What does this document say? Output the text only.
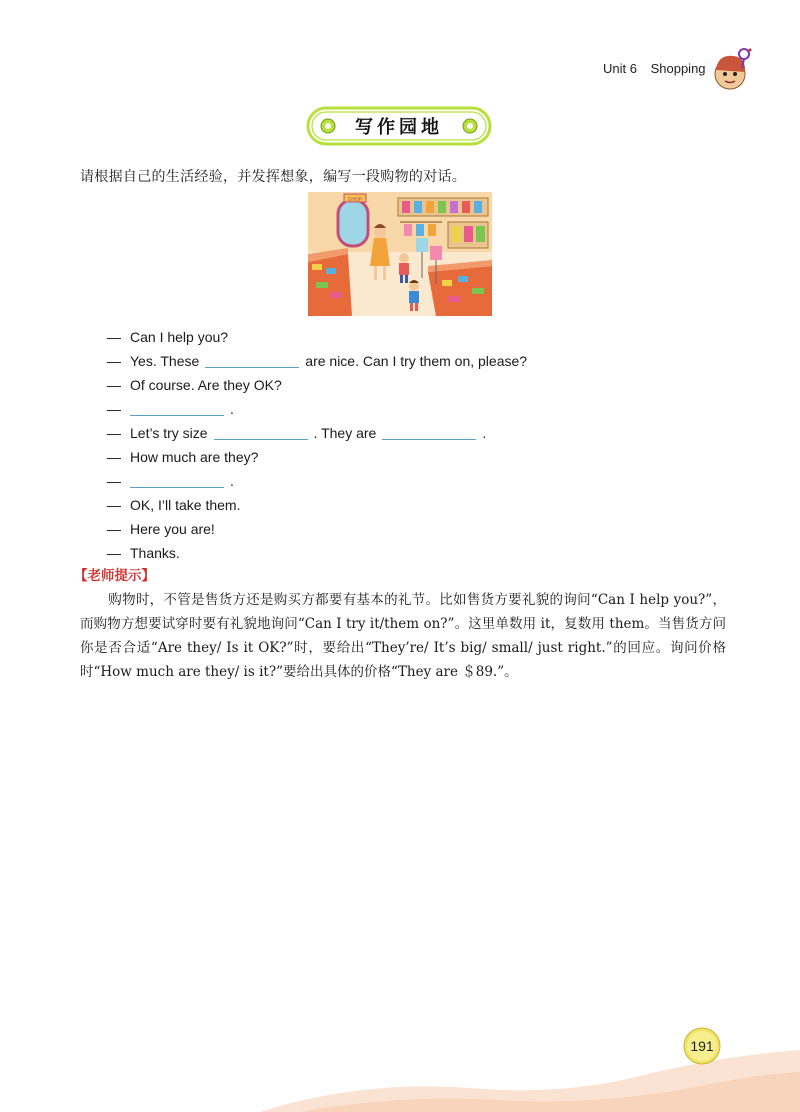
Unit 6 Shopping
写作园地
请根据自己的生活经验，并发挥想象，编写一段购物的对话。
SHOP
— Can I help you?
— Yes. These	are nice. Can I try them on, please?
— Of course. Are they OK?
—	.
— Let’s try size	. They are	.
— How much are they?
—	.
— OK, I’ll take them.
— Here you are!
— Thanks.
【老师提示】
购物时，不管是售货方还是购买方都要有基本的礼节。比如售货方要礼貌的询问“Can I help you?”，而购物方想要试穿时要有礼貌地询问“Can I try it/them on?”。这里单数用 it，复数用 them。当售货方问你是否合适“Are they/ Is it OK?”时，要给出“They’re/ It’s big/ small/ just right.”的回应。询问价格时“How much are they/ is it?”要给出具体的价格“They are ＄89.”。
191
